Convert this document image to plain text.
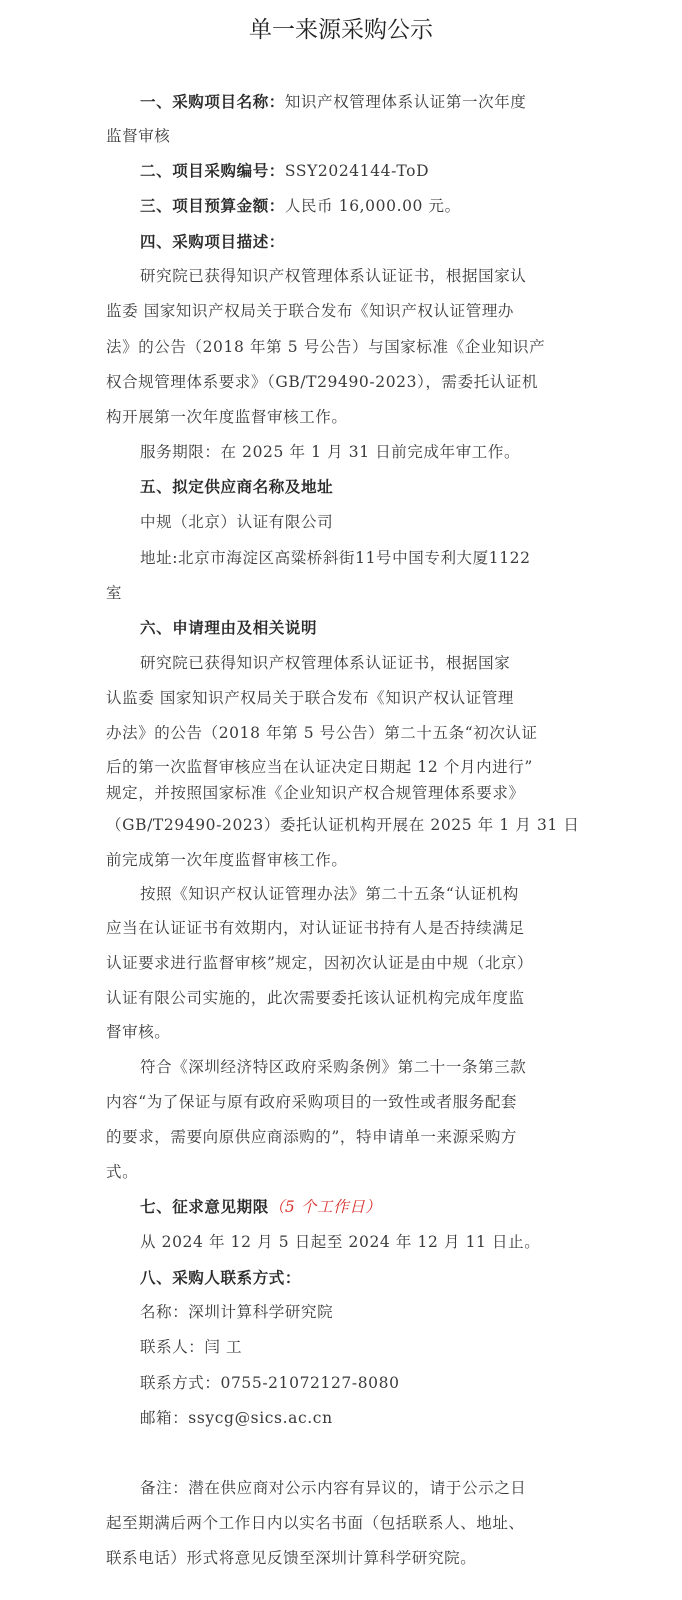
单一来源采购公示
一、采购项目名称：知识产权管理体系认证第一次年度
监督审核
二、项目采购编号：SSY2024144-ToD
三、项目预算金额：人民币 16,000.00 元。
四、采购项目描述：
研究院已获得知识产权管理体系认证证书，根据国家认
监委 国家知识产权局关于联合发布《知识产权认证管理办
法》的公告（2018 年第 5 号公告）与国家标准《企业知识产
权合规管理体系要求》（GB/T29490-2023），需委托认证机
构开展第一次年度监督审核工作。
服务期限：在 2025 年 1 月 31 日前完成年审工作。
五、拟定供应商名称及地址
中规（北京）认证有限公司
地址:北京市海淀区高粱桥斜街11号中国专利大厦1122
室
六、申请理由及相关说明
研究院已获得知识产权管理体系认证证书，根据国家
认监委 国家知识产权局关于联合发布《知识产权认证管理
办法》的公告（2018 年第 5 号公告）第二十五条“初次认证
后的第一次监督审核应当在认证决定日期起 12 个月内进行”
规定，并按照国家标准《企业知识产权合规管理体系要求》
（GB/T29490-2023）委托认证机构开展在 2025 年 1 月 31 日
前完成第一次年度监督审核工作。
按照《知识产权认证管理办法》第二十五条“认证机构
应当在认证证书有效期内，对认证证书持有人是否持续满足
认证要求进行监督审核”规定，因初次认证是由中规（北京）
认证有限公司实施的，此次需要委托该认证机构完成年度监
督审核。
符合《深圳经济特区政府采购条例》第二十一条第三款
内容“为了保证与原有政府采购项目的一致性或者服务配套
的要求，需要向原供应商添购的”，特申请单一来源采购方
式。
七、征求意见期限（5 个工作日）
从 2024 年 12 月 5 日起至 2024 年 12 月 11 日止。
八、采购人联系方式：
名称：深圳计算科学研究院
联系人：闫 工
联系方式：0755-21072127-8080
邮箱：ssycg@sics.ac.cn
备注：潜在供应商对公示内容有异议的，请于公示之日
起至期满后两个工作日内以实名书面（包括联系人、地址、
联系电话）形式将意见反馈至深圳计算科学研究院。
